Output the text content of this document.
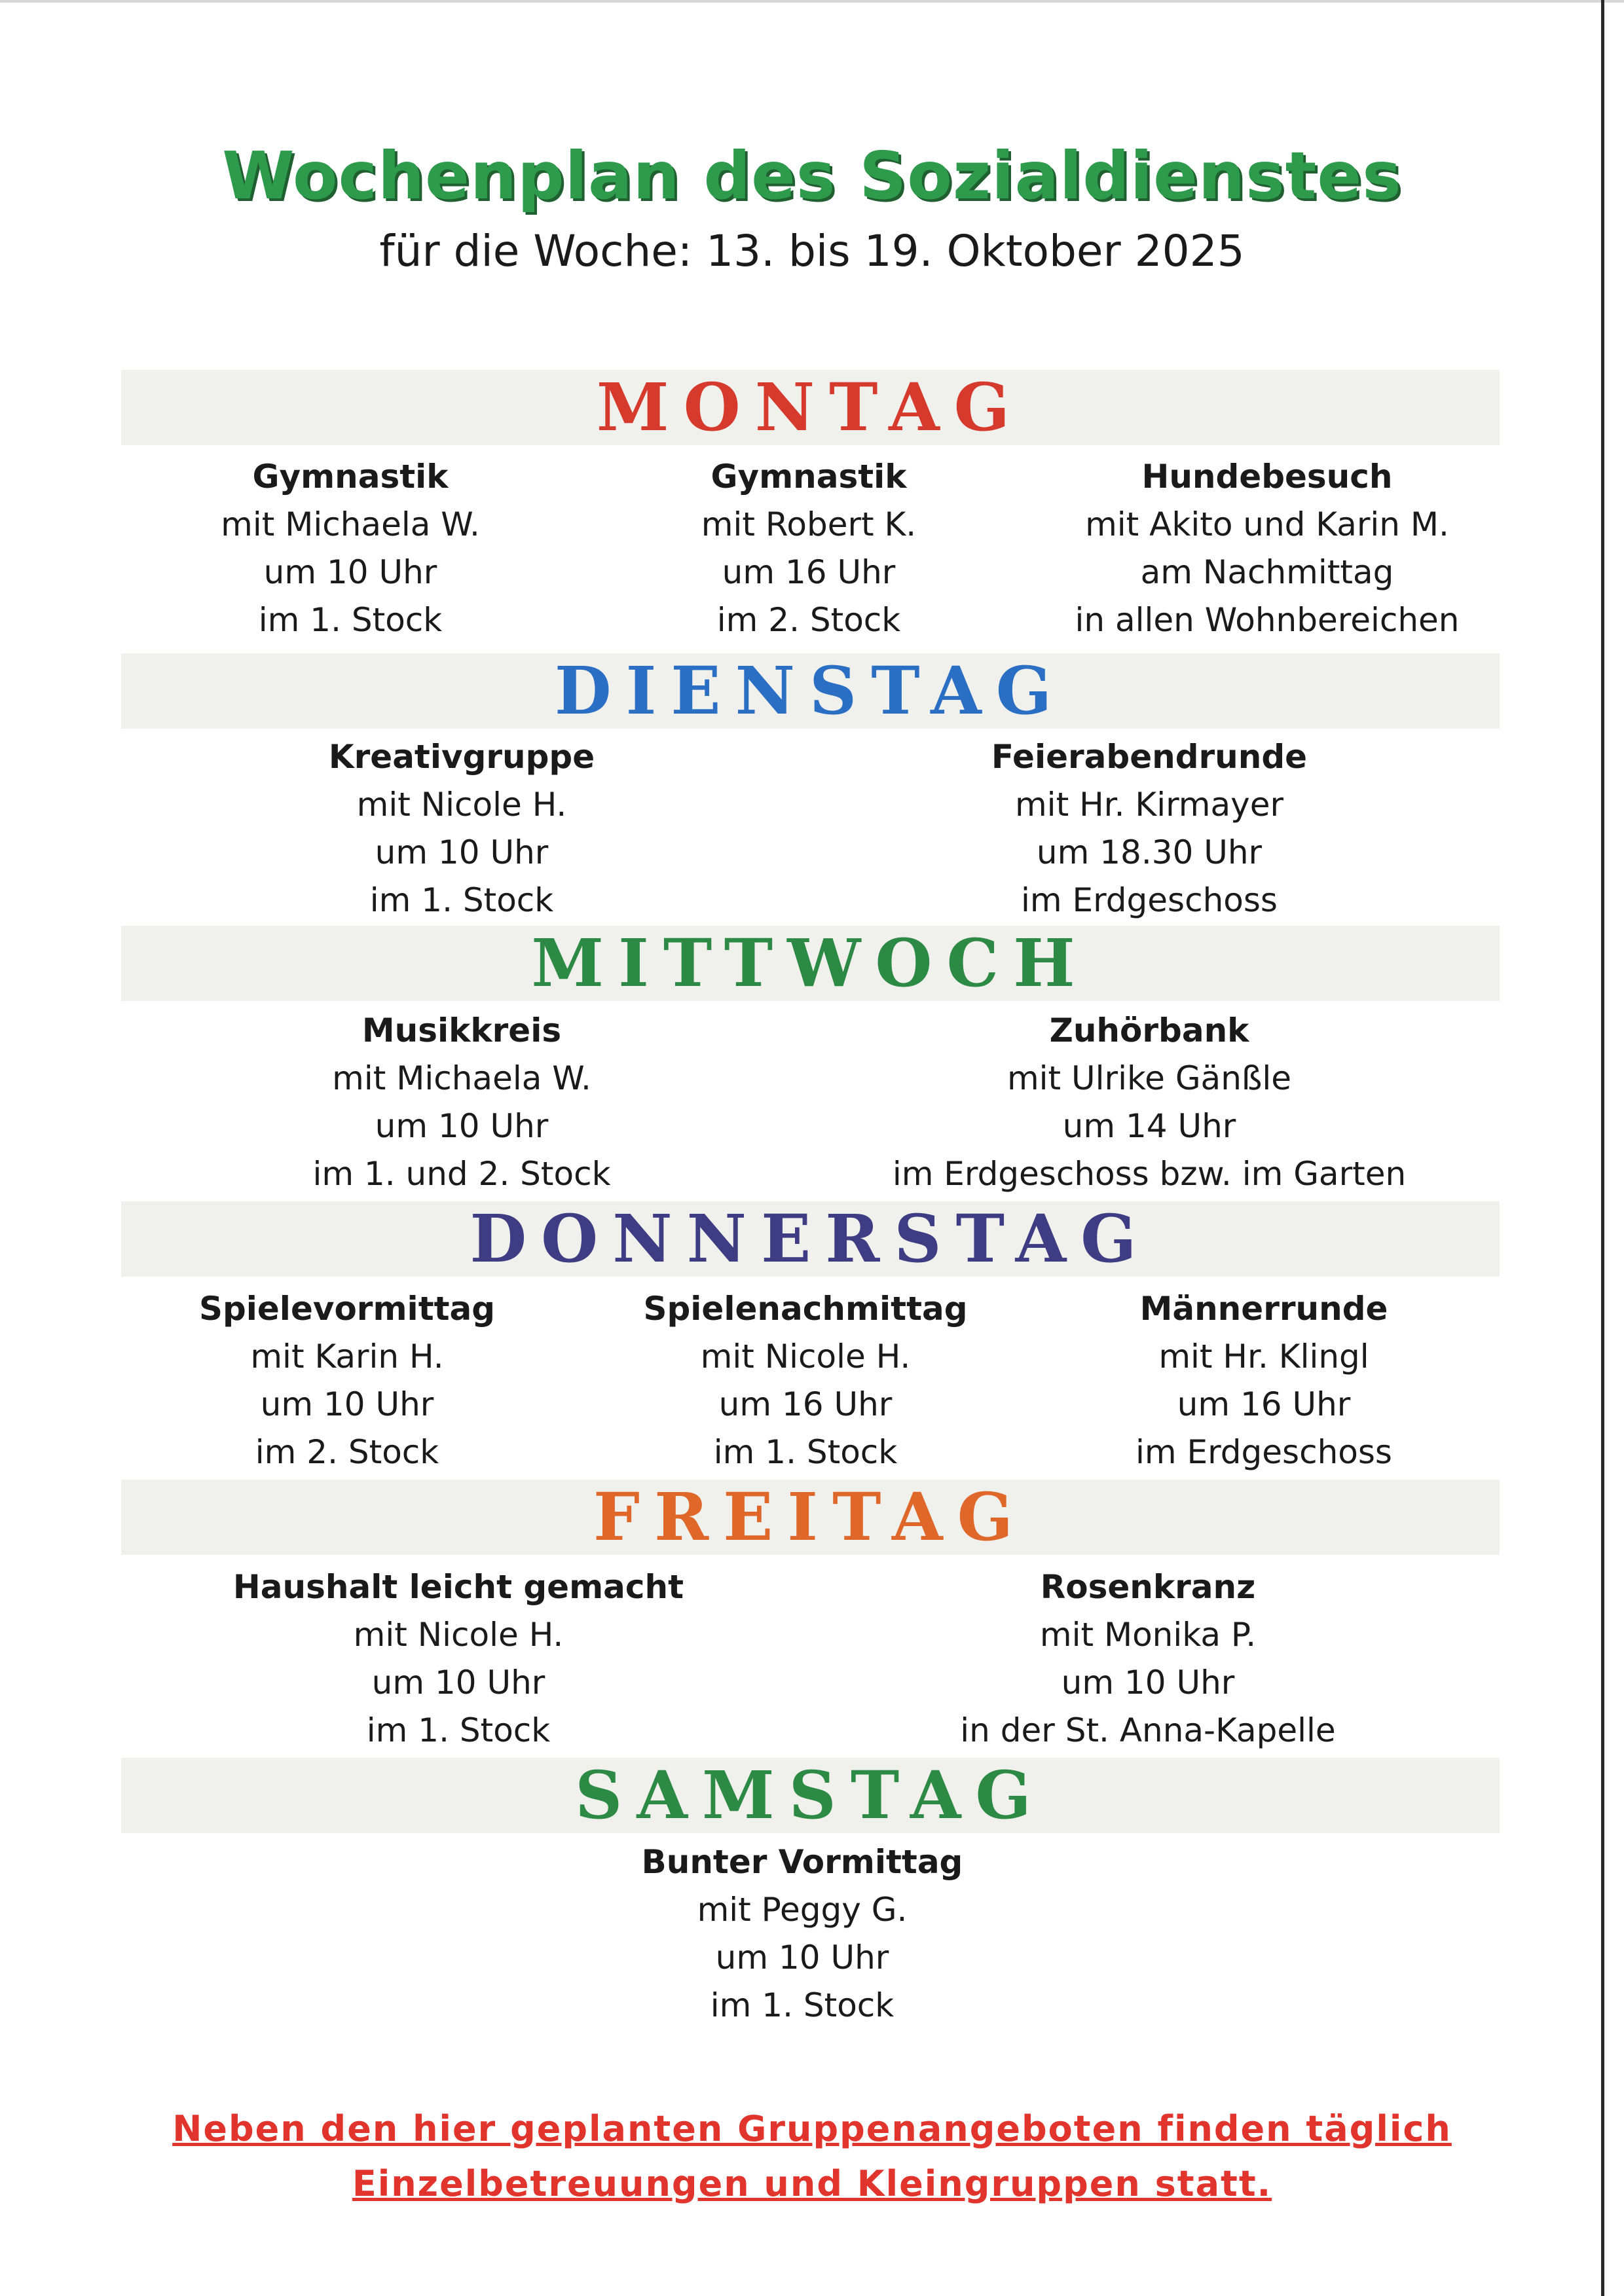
Wochenplan des Sozialdienstes
für die Woche: 13. bis 19. Oktober 2025
MONTAG
Gymnastik
mit Michaela W.
um 10 Uhr
im 1. Stock
Gymnastik
mit Robert K.
um 16 Uhr
im 2. Stock
Hundebesuch
mit Akito und Karin M.
am Nachmittag
in allen Wohnbereichen
DIENSTAG
Kreativgruppe
mit Nicole H.
um 10 Uhr
im 1. Stock
Feierabendrunde
mit Hr. Kirmayer
um 18.30 Uhr
im Erdgeschoss
MITTWOCH
Musikkreis
mit Michaela W.
um 10 Uhr
im 1. und 2. Stock
Zuhörbank
mit Ulrike Gänßle
um 14 Uhr
im Erdgeschoss bzw. im Garten
DONNERSTAG
Spielevormittag
mit Karin H.
um 10 Uhr
im 2. Stock
Spielenachmittag
mit Nicole H.
um 16 Uhr
im 1. Stock
Männerrunde
mit Hr. Klingl
um 16 Uhr
im Erdgeschoss
FREITAG
Haushalt leicht gemacht
mit Nicole H.
um 10 Uhr
im 1. Stock
Rosenkranz
mit Monika P.
um 10 Uhr
in der St. Anna-Kapelle
SAMSTAG
Bunter Vormittag
mit Peggy G.
um 10 Uhr
im 1. Stock
Neben den hier geplanten Gruppenangeboten finden täglich
Einzelbetreuungen und Kleingruppen statt.
